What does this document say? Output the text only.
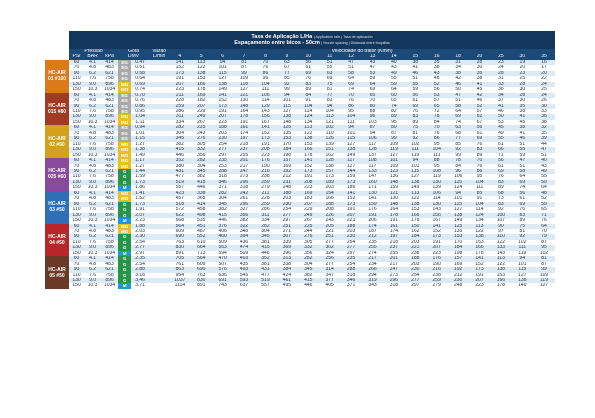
	Taxa de Aplicação L/Ha | Application rate | Tasa de aplicación
Espaçamento entre bicos - 50cm | Nozzle spacing | Distancia entre boquillas																							

	Pressão			Gota		Vazão	Velocidade do trator (Km/h)																	
	PSI	BAR	kPa	DMV		L/min	4	5	6	7	8	9	10	11	12	13	14	15	16	18	20	25	30	35
HC-AIR 01 #100	60	4.1	414	EG	0.47		141	113	94	81	70	63	56	51	47	43	40	38	35	31	28	23	19	16
	70	4.8	483	EG	0.51		152	122	101	87	76	67	61	55	51	47	43	41	38	34	30	24	20	17
	90	6.2	621	EG	0.58		173	138	115	99	86	77	69	63	58	53	49	46	43	38	35	28	23	20
	110	7.6	758	EG	0.64		191	153	127	109	96	85	76	69	64	59	55	51	48	42	38	31	25	22
	130	9.0	896	MG	0.69		207	166	138	118	104	92	83	75	69	64	59	55	52	46	41	33	28	24
	150	10.3	1034	MG	0.74		223	178	149	127	111	99	89	81	74	69	64	59	56	50	45	36	30	25
HC-AIR 015 #80	60	4.1	414	EG	0.70		211	169	141	121	106	94	84	77	70	65	60	56	53	47	42	34	28	24
	70	4.8	483	EG	0.76		228	182	152	130	114	101	91	83	76	70	65	61	57	51	46	37	30	26
	90	6.2	621	EG	0.86		259	207	173	148	129	115	104	94	86	80	74	69	65	58	52	41	35	30
	110	7.6	758	EG	0.95		286	229	191	164	143	127	114	104	95	88	82	76	72	64	57	46	38	33
	130	9.0	896	MG	1.04		311	249	207	178	156	138	124	113	104	96	89	83	78	69	62	50	41	36
	150	10.3	1034	MG	1.11		334	267	223	191	167	148	134	121	111	103	95	89	84	74	67	53	45	38
HC-AIR 02 #60	60	4.1	414	EG	0.94		282	225	188	161	141	125	113	102	94	87	80	75	70	63	56	45	38	32
	70	4.8	483	EG	1.01		304	243	203	174	152	135	122	110	101	94	87	81	76	68	61	49	41	35
	90	6.2	621	EG	1.15		345	276	230	197	173	153	138	126	115	106	99	92	86	77	69	55	46	39
	110	7.6	758	MG	1.27		382	305	254	218	191	170	153	139	127	117	109	102	95	85	76	61	51	44
	130	9.0	896	MG	1.38		415	332	277	237	208	184	166	151	138	128	119	111	104	92	83	66	55	47
	150	10.3	1034	MG	1.49		446	356	297	255	223	198	178	162	149	137	127	119	111	99	89	71	59	51
HC-AIR 025 #60	60	4.1	414	MG	1.17		352	282	235	201	176	157	141	128	117	108	101	94	88	78	70	56	47	40
	70	4.8	483	MG	1.27		380	304	253	217	190	169	152	138	127	117	109	101	95	84	76	61	51	43
	90	6.2	621	G	1.44		431	345	288	247	216	192	173	157	144	133	123	115	108	96	86	69	58	49
	110	7.6	758	G	1.59		477	382	318	273	238	212	191	173	159	147	136	127	119	106	95	76	64	55
	130	9.0	896	G	1.73		519	415	346	296	259	231	208	189	173	160	148	138	130	115	104	83	69	59
	150	10.3	1034	M	1.86		557	446	371	318	279	248	223	203	186	171	159	149	139	124	111	89	74	64
HC-AIR 03 #50	60	4.1	414	MG	1.41		423	338	282	242	211	188	169	154	141	130	121	113	106	94	85	68	56	48
	70	4.8	483	MG	1.52		457	365	304	261	228	203	183	166	152	141	130	122	114	101	91	73	61	52
	90	6.2	621	G	1.73		518	414	345	296	259	230	207	188	173	159	148	138	130	115	104	83	69	59
	110	7.6	758	G	1.91		572	458	382	327	286	254	229	208	191	176	164	153	143	127	114	92	76	65
	130	9.0	896	G	2.07		622	498	415	356	311	277	249	226	207	191	178	166	156	138	124	100	83	71
	150	10.3	1034	M	2.23		668	535	446	382	334	297	267	243	223	206	191	178	167	149	134	107	89	76
HC-AIR 04 #50	60	4.1	414	MG	1.88		564	451	376	322	282	251	225	205	188	174	161	150	141	125	113	90	75	64
	70	4.8	483	MG	2.03		609	487	406	348	304	271	244	221	203	187	174	162	152	135	122	97	81	70
	90	6.2	621	G	2.30		690	552	460	394	345	307	276	251	230	212	197	184	173	153	138	110	92	79
	110	7.6	758	G	2.54		763	610	509	436	381	339	305	277	254	235	218	203	191	170	153	122	102	87
	130	9.0	896	G	2.77		830	664	553	474	415	369	332	302	277	255	237	221	207	184	166	133	111	95
	150	10.3	1034	M	2.97		891	713	594	509	446	396	356	324	297	274	255	238	223	198	178	143	119	102
HC-AIR 05 #50	60	4.1	414	G	2.35		705	564	470	403	352	313	282	256	235	217	201	188	176	157	141	113	94	81
	70	4.8	483	G	2.54		761	609	507	435	381	338	304	277	254	234	217	203	190	169	152	122	101	87
	90	6.2	621	G	2.88		863	690	576	493	431	384	345	314	288	266	247	230	216	192	173	138	115	99
	110	7.6	758	G	3.18		954	763	636	545	477	424	382	347	318	294	273	254	238	212	191	153	127	109
	130	9.0	896	G	3.46		1037	830	691	593	519	461	415	377	346	319	296	277	259	230	207	166	138	119
	150	10.3	1034	M	3.71		1114	891	743	637	557	495	446	405	371	343	318	297	279	248	223	178	149	127
